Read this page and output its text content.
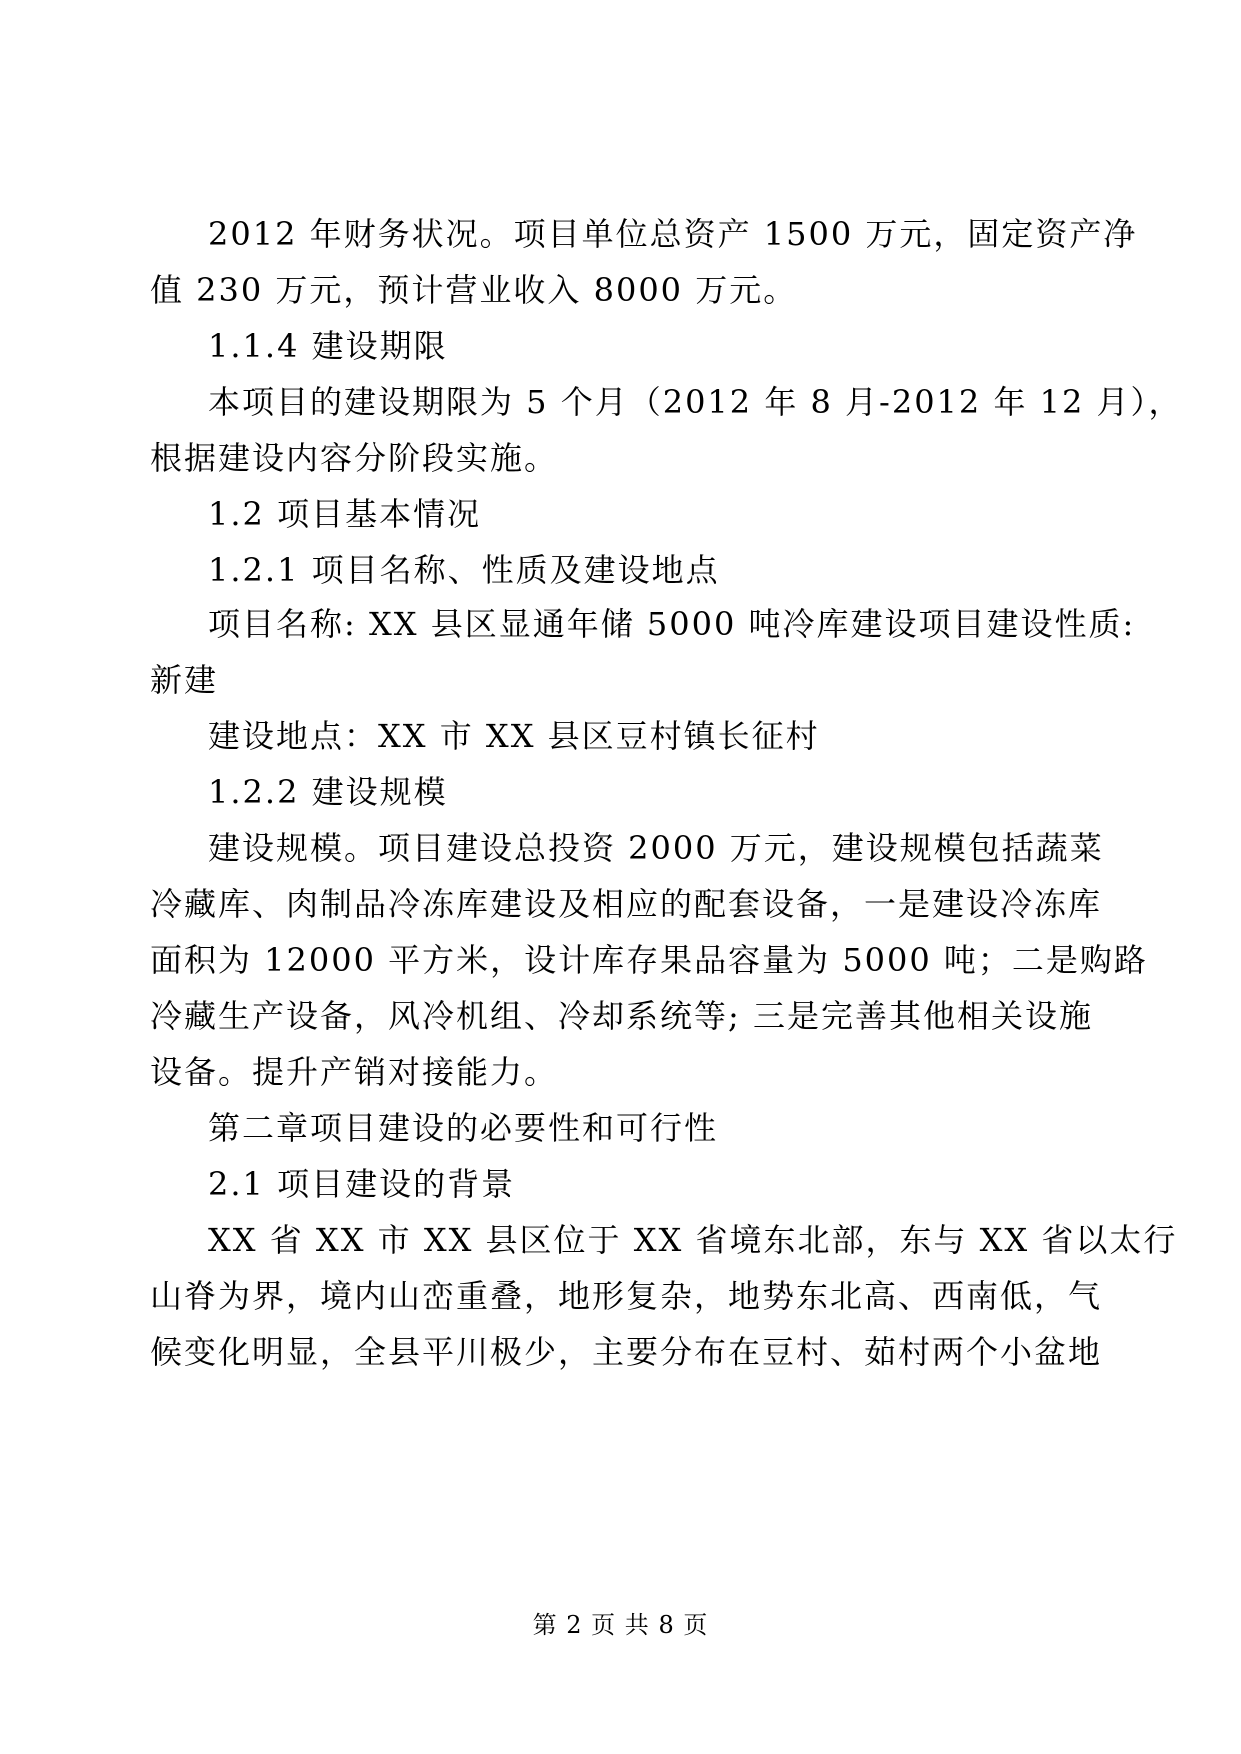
2012 年财务状况。项目单位总资产 1500 万元，固定资产净
值 230 万元，预计营业收入 8000 万元。
1.1.4 建设期限
本项目的建设期限为 5 个月（2012 年 8 月-2012 年 12 月），
根据建设内容分阶段实施。
1.2 项目基本情况
1.2.1 项目名称、性质及建设地点
项目名称: XX 县区显通年储 5000 吨冷库建设项目建设性质:
新建
建设地点：XX 市 XX 县区豆村镇长征村
1.2.2 建设规模
建设规模。项目建设总投资 2000 万元，建设规模包括蔬菜
冷藏库、肉制品冷冻库建设及相应的配套设备，一是建设冷冻库
面积为 12000 平方米，设计库存果品容量为 5000 吨；二是购路
冷藏生产设备，风冷机组、冷却系统等; 三是完善其他相关设施
设备。提升产销对接能力。
第二章项目建设的必要性和可行性
2.1 项目建设的背景
XX 省 XX 市 XX 县区位于 XX 省境东北部，东与 XX 省以太行
山脊为界，境内山峦重叠，地形复杂，地势东北高、西南低，气
候变化明显，全县平川极少，主要分布在豆村、茹村两个小盆地
第 2 页 共 8 页
